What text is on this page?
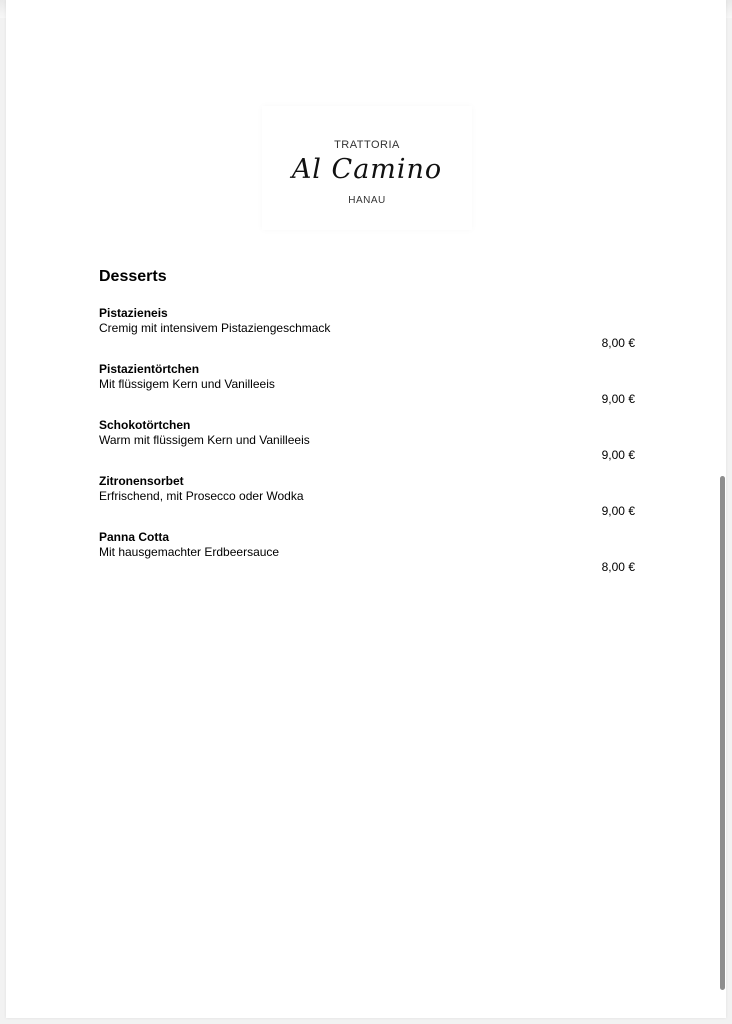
TRATTORIA
Al Camino
HANAU
Desserts
Pistazieneis
Cremig mit intensivem Pistaziengeschmack
8,00 €
Pistazientörtchen
Mit flüssigem Kern und Vanilleeis
9,00 €
Schokotörtchen
Warm mit flüssigem Kern und Vanilleeis
9,00 €
Zitronensorbet
Erfrischend, mit Prosecco oder Wodka
9,00 €
Panna Cotta
Mit hausgemachter Erdbeersauce
8,00 €
